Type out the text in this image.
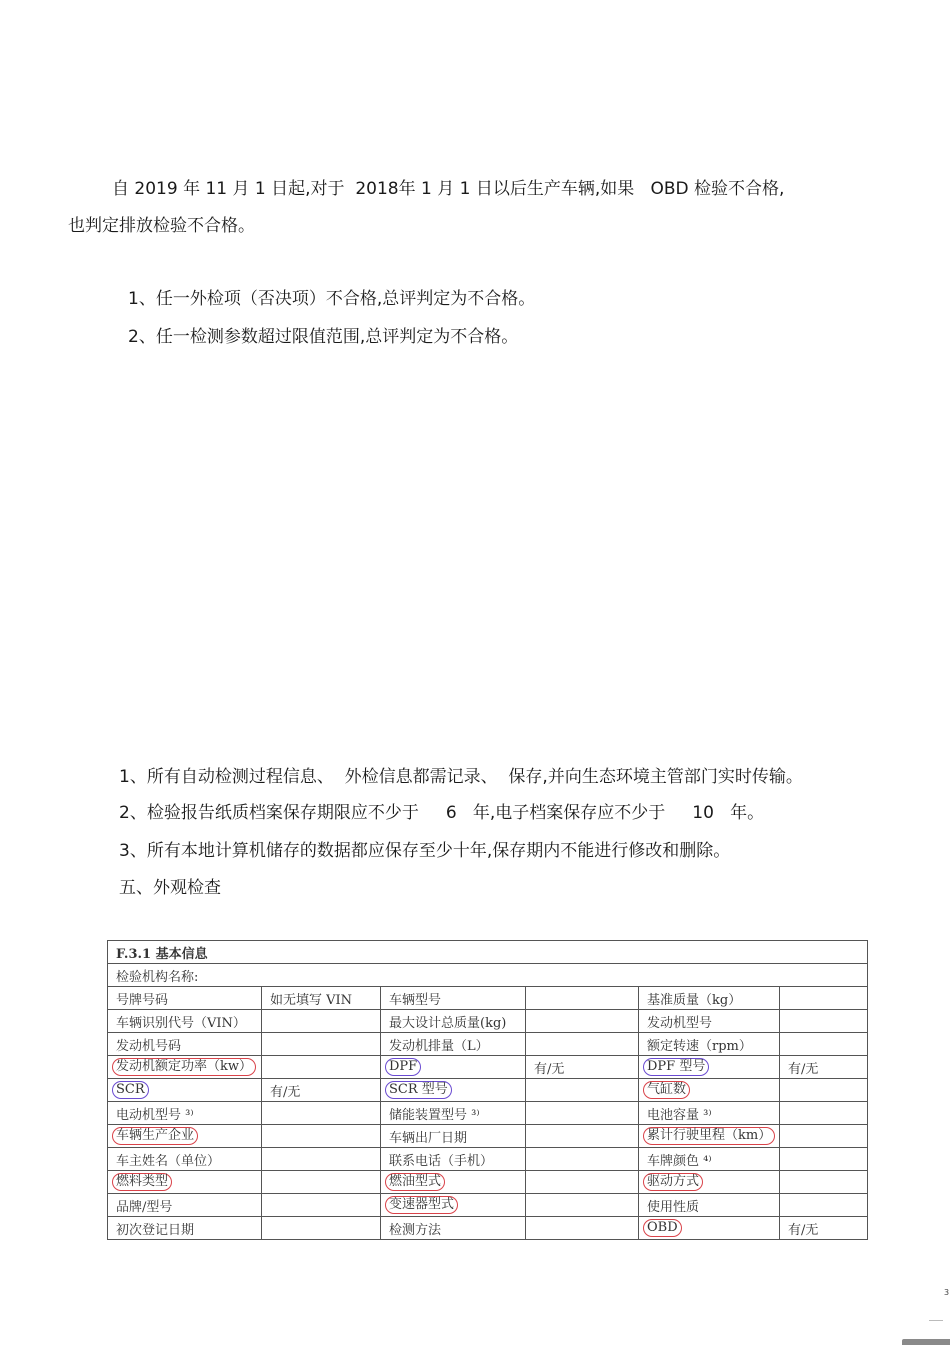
自 2019 年 11 月 1 日起,对于  2018年 1 月 1 日以后生产车辆,如果   OBD 检验不合格,
也判定排放检验不合格。
1、任一外检项（否决项）不合格,总评判定为不合格。
2、任一检测参数超过限值范围,总评判定为不合格。
1、所有自动检测过程信息、  外检信息都需记录、  保存,并向生态环境主管部门实时传输。
2、检验报告纸质档案保存期限应不少于     6   年,电子档案保存应不少于     10   年。
3、所有本地计算机储存的数据都应保存至少十年,保存期内不能进行修改和删除。
五、外观检查
F.3.1 基本信息					
检验机构名称:					
号牌号码	如无填写 VIN	车辆型号		基准质量（kg）	
车辆识别代号（VIN）		最大设计总质量(kg)		发动机型号	
发动机号码		发动机排量（L）		额定转速（rpm）	
发动机额定功率（kw）		DPF	有/无	DPF 型号	有/无
SCR	有/无	SCR 型号		气缸数	
电动机型号 ³⁾		储能装置型号 ³⁾		电池容量 ³⁾	
车辆生产企业		车辆出厂日期		累计行驶里程（km）	
车主姓名（单位）		联系电话（手机）		车牌颜色 ⁴⁾	
燃料类型		燃油型式		驱动方式	
品牌/型号		变速器型式		使用性质	
初次登记日期		检测方法		OBD	有/无
3
